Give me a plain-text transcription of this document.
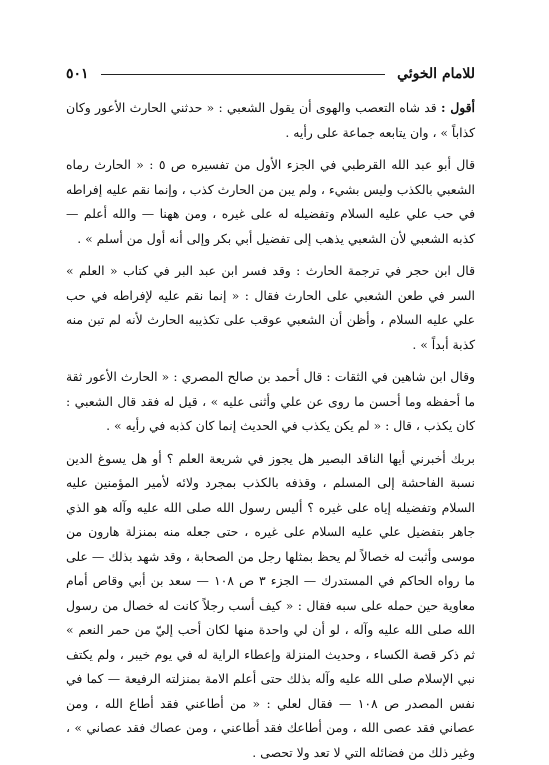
للامام الخوئي
٥٠١

أقول : قد شاه التعصب والهوى أن يقول الشعبي : « حدثني الحارث الأعور وكان كذاباً » ، وان يتابعه جماعة على رأيه .

قال أبو عبد الله القرطبي في الجزء الأول من تفسيره ص ٥ : « الحارث رماه الشعبي بالكذب وليس بشيء ، ولم يبن من الحارث كذب ، وإنما نقم عليه إفراطه في حب علي عليه السلام وتفضيله له على غيره ، ومن ههنا — والله أعلم — كذبه الشعبي لأن الشعبي يذهب إلى تفضيل أبي بكر وإلى أنه أول من أسلم » .

قال ابن حجر في ترجمة الحارث : وقد فسر ابن عبد البر في كتاب « العلم » السر في طعن الشعبي على الحارث فقال : « إنما نقم عليه لإفراطه في حب علي عليه السلام ، وأظن أن الشعبي عوقب على تكذيبه الحارث لأنه لم تبن منه كذبة أبداً » .

وقال ابن شاهين في الثقات : قال أحمد بن صالح المصري : « الحارث الأعور ثقة ما أحفظه وما أحسن ما روى عن علي وأثنى عليه » ، قيل له فقد قال الشعبي : كان يكذب ، قال : « لم يكن يكذب في الحديث إنما كان كذبه في رأيه » .

بربك أخبرني أيها الناقد البصير هل يجوز في شريعة العلم ؟ أو هل يسوغ الدين نسبة الفاحشة إلى المسلم ، وقذفه بالكذب بمجرد ولائه لأمير المؤمنين عليه السلام وتفضيله إياه على غيره ؟ أليس رسول الله صلى الله عليه وآله هو الذي جاهر بتفضيل علي عليه السلام على غيره ، حتى جعله منه بمنزلة هارون من موسى وأثبت له خصالاً لم يحظ بمثلها رجل من الصحابة ، وقد شهد بذلك — على ما رواه الحاكم في المستدرك — الجزء ٣ ص ١٠٨ — سعد بن أبي وقاص أمام معاوية حين حمله على سبه فقال : « كيف أسب رجلاً كانت له خصال من رسول الله صلى الله عليه وآله ، لو أن لي واحدة منها لكان أحب إليّ من حمر النعم » ثم ذكر قصة الكساء ، وحديث المنزلة وإعطاء الراية له في يوم خيبر ، ولم يكتف نبي الإسلام صلى الله عليه وآله بذلك حتى أعلم الامة بمنزلته الرفيعة — كما في نفس المصدر ص ١٠٨ — فقال لعلي : « من أطاعني فقد أطاع الله ، ومن عصاني فقد عصى الله ، ومن أطاعك فقد أطاعني ، ومن عصاك فقد عصاني » ، وغير ذلك من فضائله التي لا تعد ولا تحصى .
